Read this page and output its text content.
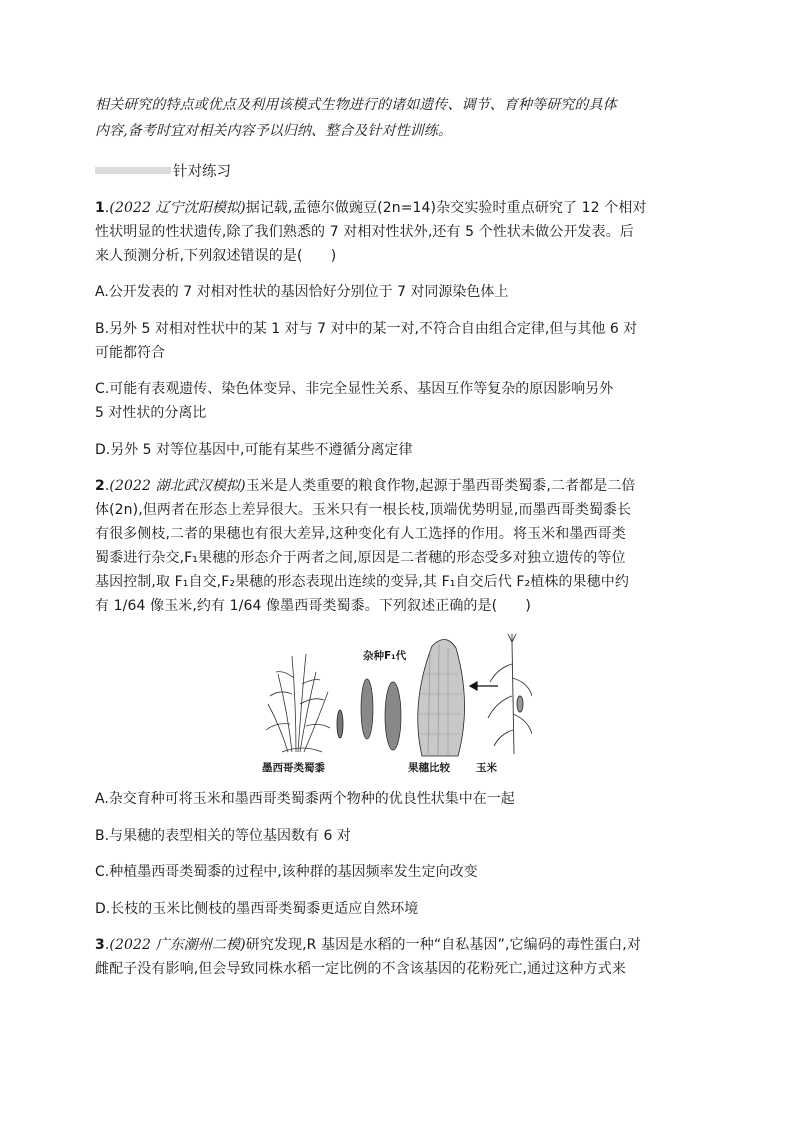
相关研究的特点或优点及利用该模式生物进行的诸如遗传、调节、育种等研究的具体

内容,备考时宜对相关内容予以归纳、整合及针对性训练。

针对练习

1.(2022 辽宁沈阳模拟)据记载,孟德尔做豌豆(2n=14)杂交实验时重点研究了 12 个相对

性状明显的性状遗传,除了我们熟悉的 7 对相对性状外,还有 5 个性状未做公开发表。后

来人预测分析,下列叙述错误的是(　　)

A.公开发表的 7 对相对性状的基因恰好分别位于 7 对同源染色体上

B.另外 5 对相对性状中的某 1 对与 7 对中的某一对,不符合自由组合定律,但与其他 6 对

可能都符合

C.可能有表观遗传、染色体变异、非完全显性关系、基因互作等复杂的原因影响另外

5 对性状的分离比

D.另外 5 对等位基因中,可能有某些不遵循分离定律

2.(2022 湖北武汉模拟)玉米是人类重要的粮食作物,起源于墨西哥类蜀黍,二者都是二倍

体(2n),但两者在形态上差异很大。玉米只有一根长枝,顶端优势明显,而墨西哥类蜀黍长

有很多侧枝,二者的果穗也有很大差异,这种变化有人工选择的作用。将玉米和墨西哥类

蜀黍进行杂交,F₁果穗的形态介于两者之间,原因是二者穗的形态受多对独立遗传的等位

基因控制,取 F₁自交,F₂果穗的形态表现出连续的变异,其 F₁自交后代 F₂植株的果穗中约

有 1/64 像玉米,约有 1/64 像墨西哥类蜀黍。下列叙述正确的是(　　)

杂种F₁代
墨西哥类蜀黍	果穗比较 玉米

A.杂交育种可将玉米和墨西哥类蜀黍两个物种的优良性状集中在一起

B.与果穗的表型相关的等位基因数有 6 对

C.种植墨西哥类蜀黍的过程中,该种群的基因频率发生定向改变

D.长枝的玉米比侧枝的墨西哥类蜀黍更适应自然环境

3.(2022 广东潮州二模)研究发现,R 基因是水稻的一种“自私基因”,它编码的毒性蛋白,对

雌配子没有影响,但会导致同株水稻一定比例的不含该基因的花粉死亡,通过这种方式来
